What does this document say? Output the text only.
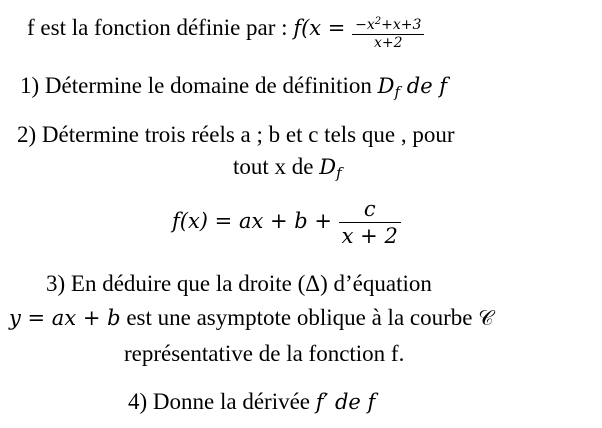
f est la fonction définie par : $f(x = \frac{-x^2+x+3}{x+2}$
1) Détermine le domaine de définition $D_f$ de f
2) Détermine trois réels a ; b et c tels que , pour
tout x de $D_f$
f(x) = ax + $b + \frac{c}{x + 2}$
3) En déduire que la droite (Δ) d’équation
y = ax + b est une asymptote oblique à la courbe 𝒞
représentative de la fonction f.
4) Donne la dérivée f′ de f
